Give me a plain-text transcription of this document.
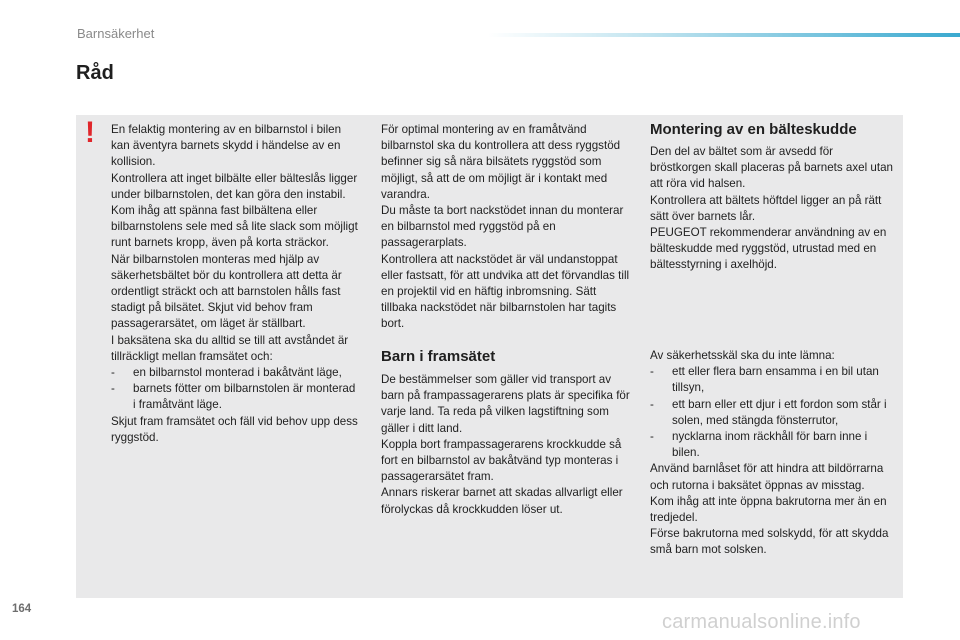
Barnsäkerhet
Råd
! En felaktig montering av en bilbarnstol i bilen kan äventyra barnets skydd i händelse av en kollision.

Kontrollera att inget bilbälte eller bälteslås ligger under bilbarnstolen, det kan göra den instabil.

Kom ihåg att spänna fast bilbältena eller bilbarnstolens sele med så lite slack som möjligt runt barnets kropp, även på korta sträckor.

När bilbarnstolen monteras med hjälp av säkerhetsbältet bör du kontrollera att detta är ordentligt sträckt och att barnstolen hålls fast stadigt på bilsätet. Skjut vid behov fram passagerarsätet, om läget är ställbart.

I baksätena ska du alltid se till att avståndet är tillräckligt mellan framsätet och:

- en bilbarnstol monterad i bakåtvänt läge,

- barnets fötter om bilbarnstolen är monterad i framåtvänt läge.

Skjut fram framsätet och fäll vid behov upp dess ryggstöd.

För optimal montering av en framåtvänd bilbarnstol ska du kontrollera att dess ryggstöd befinner sig så nära bilsätets ryggstöd som möjligt, så att de om möjligt är i kontakt med varandra.

Du måste ta bort nackstödet innan du monterar en bilbarnstol med ryggstöd på en passagerarplats.

Kontrollera att nackstödet är väl undanstoppat eller fastsatt, för att undvika att det förvandlas till en projektil vid en häftig inbromsning. Sätt tillbaka nackstödet när bilbarnstolen har tagits bort.

Barn i framsätet

De bestämmelser som gäller vid transport av barn på frampassagerarens plats är specifika för varje land. Ta reda på vilken lagstiftning som gäller i ditt land.

Koppla bort frampassagerarens krockkudde så fort en bilbarnstol av bakåtvänd typ monteras i passagerarsätet fram.

Annars riskerar barnet att skadas allvarligt eller förolyckas då krockkudden löser ut.

Montering av en bälteskudde

Den del av bältet som är avsedd för bröstkorgen skall placeras på barnets axel utan att röra vid halsen.

Kontrollera att bältets höftdel ligger an på rätt sätt över barnets lår.

PEUGEOT rekommenderar användning av en bälteskudde med ryggstöd, utrustad med en bältesstyrning i axelhöjd.

Av säkerhetsskäl ska du inte lämna:

- ett eller flera barn ensamma i en bil utan tillsyn,

- ett barn eller ett djur i ett fordon som står i solen, med stängda fönsterrutor,

- nycklarna inom räckhåll för barn inne i bilen.

Använd barnlåset för att hindra att bildörrarna och rutorna i baksätet öppnas av misstag.

Kom ihåg att inte öppna bakrutorna mer än en tredjedel.

Förse bakrutorna med solskydd, för att skydda små barn mot solsken.

164
carmanualsonline.info
